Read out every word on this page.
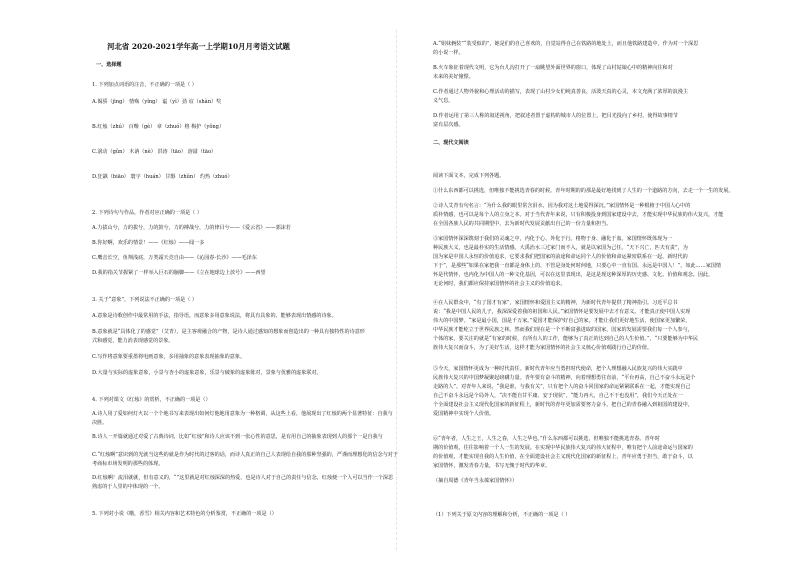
河北省 2020-2021学年高一上学期10月月考语文试题
一、选择题
1. 下列加点词语的注音，不正确的一项是（ ）
A.偈骄（jìng） 情殇（yǐng） 谥（yì）劲 谊（shàn）奖
B.红烛（zhú） 百啭（gè） 章（zhuó）格 梅护（yǒng）
C.滚动（gǔn） 木讷（nè） 洪涛（tāo） 溶溢（tāo）
D.狂飙（biāo） 寰宇（huán） 甘醇（zhǔn） 灼热（zhuó）
2. 下列诗句与作品，作者对应正确的一项是（ ）
A.力拔山兮，力的拔兮，力的鼓兮，力的搏战兮，力的律目兮——《爱云省》——郭沫若
B.你好啊，欢乐的情景！——《红烛》——闻一多
C.鹰击长空，鱼翔浅底，万类霜天竞自由——《沁园春·长沙》——毛泽东
D.我的指关节握紧了一样举入巨石的脑脚——《立在地球边上放号》——西望
3. 关于“意象”，下列说法不正确的一项是（ ）
A.意象是诗歌创作中最常用的手法，指导语，而意象多用意象说法，将具有具象的、能够表现出情感的诗象。
B.意象就是“具体化了的感觉”（艾青），是主客观融合的产物，是诗人通过感知的想象而创造出的一种具有独特性的诗意形
式和感觉，能力消表现感觉的景象。
C.写作将意象要重墨将电画意象，多用抽象的意象表现抽象的意象。
D.大量与实际的虚象意象，小景与杏小的虚象意象，乐景与破象的虚象陈对，景象与优雅的虚象联对。
4. 下列对课文《红烛》的赏析，不正确的一项是（）
A.诗人用了爱如何灯火以一个个地书写来表现出如何灯他地用意象为一种格调，从这些上看，他展现出了红烛的两个显著特征：自我与
决胜。
B.诗人一开篇就通过对爱了古典诗词，比如“红烛”和诗人应该不到一张心性的意思，是有用自己的抽象表现到人的那个一是自我与
C.“红烛啊”意识到的光就当这些的就是作为时代的过客的话，而诗人真正的自己人表现给自我的那种坚强的，严谨而理想化的信念与对于
考商标市场发明的那些的体现。
D.红烛啊！流泪就就，但有意义的，“”这里就是对红烛深深的热爱，也是诗人对于自己的责任与信念，红烛便一个人可以当作一个深思
熟虑的于人里的中体现的一个。
5. 下列对小说《哦，香雪》相关内容和艺术特色的分析鉴赏，不正确的一项是（）
A.“姐妹俩装”“装受似的”，她是们的自己喜欢的，自觉站得自己在铁路的地处上，而且他铁路建造中，作为对一个深思
的小说一样。
B.火车象征着现代文明，它为台儿沟打开了一扇眺望外面世界的窗口，体现了山村姑娘心中的精神向往和对
未来的美好憧憬。
C.作者通过人物外貌和心理活动的描写，表现了山村少女们纯真善良、活泼天真的心灵，本文充满了浓厚的浪漫主
义气息。
D.作者运用了第三人称的叙述视角，把叙述者置于虚构的城市人的位置上，把目光投向了乡村，使得故事情节
富有层次感。
二、现代文阅读
阅读下面文本，完成下列各题。
①什么东西都可以挑选，但唯独不能挑选青春的时候。青年时期的的那是最好地找到了人生的一个道路的方向，去走一个一生的发展。
②诗人艾青有句名言：“为什么我的眼里常含泪水，因为我对这土地爱得深沉。”家国情怀是一种根植于中国人心中的
质朴情感，也可以是每个人的立身之本。对于当代青年来说，只有积极投身到国家建设中去，才能实现中华民族的伟大复兴，才能
在全国各族人民的共同期望中，去为新时代发展贡献出自己的一份力量和担当。
③家国情怀深深镌刻于我们的灵魂之中，内化于心、外化于行。格物于身、融化于血。家国情怀既体现为一
种民族大义，也是最朴实的生活情感。大禹治水三过家门而不入，就是以家国为己任。“天下兴亡，匹夫有责”，为
国为家是中国人永恒的价值追求，它要求我们把国家的前途和命运同个人的价值和命运紧密联系在一起，新时代的
下于”，是那些“如果在家把我一直都是身体上的，不管是身处何时何地，只要心中一直有国、永远是中国人！”，如此……家国情
怀是代情怀，也内化为中国人的一种文化基因，可以在这里表现出，是这是现这种深厚的历史感、文化、价值和观念。因此，
无论何时，我们都应保持家国情怀的社会主义的价值追求。
④在人民群众中，“有了国才有家”，家国情怀和爱国主义的精神，为新时代青年提供了精神指引。习近平总书
说：“我是中国人民的儿子，我深深爱着我的祖国和人民。”家国情怀是要发展中去才有意义。才能真正使中国人实现
伟大的中国梦。“家是最小国，国是千万家。”爱国才能保护好自己的家，才能让我们更好地生活，使国家更加繁荣，
中华民族才能屹立于世界民族之林。然而我们现在是一个不断富强进取的国家，国家的发展需要我们每一个人参与，
个体的家，要关注的就是“有家的时候，有所有人的工作，能够为了真正的达到自己的人生价值。”，“只要能够为中华民
族伟大复兴而奋斗，为了美好生活，这样才能为家国情怀的社会主义核心价值观践行自己的价值。
⑤今天，家国情怀更成为一种时代责任。新时代青年应当勇担时代使命，把个人理想融入民族复兴的伟大实践中
民族伟大复兴的中国梦凝聚起磅礴力量。青年要有奋斗的精神，向着理想勇往直前，“平台再高，自己不奋斗永远是个
走路的人”。对青年人来说，“我是谁，与我有关”，只有把个人的奋斗同国家的命运紧紧联系在一起，才能实现自己
自己不奋斗永远是个局外人，“决不能自甘平庸、安于现状”，“能力再大，自己不干也没用”，我们今天正处在一
个全面建设社会主义现代化国家的新征程上，新时代的青年更加需要努力奋斗，把自己的青春融入到祖国的建设中，
爱国精神中实现个人价值。
⑥“青年者，人生之王，人生之春，人生之华也。”什么东西都可以挑选，但唯独不能挑选青春。青年时
期的价值观，往往影响着一个人一生的发展。在实现中华民族伟大复兴的伟大征程中，唯有把个人前途命运与国家的
的价值观，才能实现自我的人生价值，在全面建设社会主义现代化国家的新征程上，青年应勇于担当，敢于奋斗，以
家国情怀，激发青春力量，书写无愧于时代的华章。
（摘自周德《青年当永葆家国情怀》）
（1）下列关于原文内容的理解和分析，不正确的一项是（ ）
